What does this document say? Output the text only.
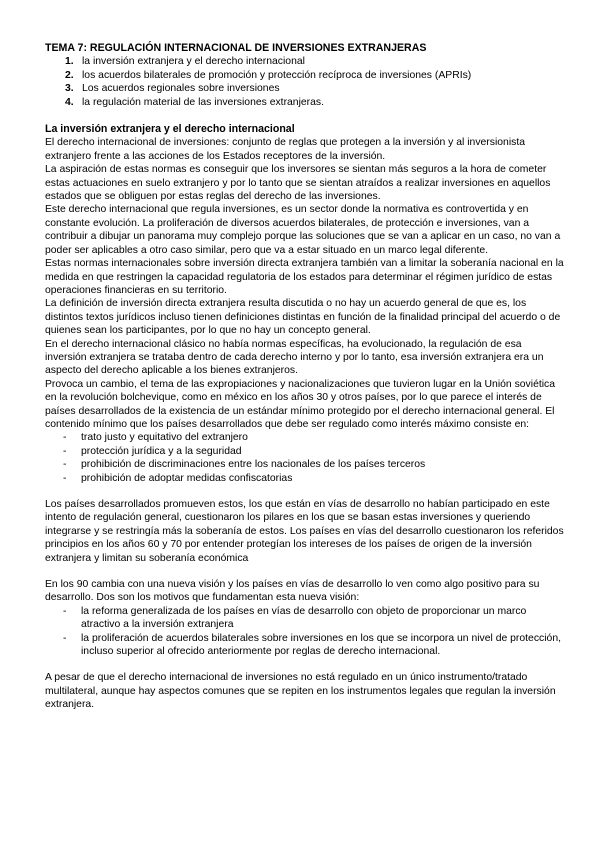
TEMA 7: REGULACIÓN INTERNACIONAL DE INVERSIONES EXTRANJERAS

1. la inversión extranjera y el derecho internacional
2. los acuerdos bilaterales de promoción y protección recíproca de inversiones (APRIs)
3. Los acuerdos regionales sobre inversiones
4. la regulación material de las inversiones extranjeras.
La inversión extranjera y el derecho internacional

El derecho internacional de inversiones: conjunto de reglas que protegen a la inversión y al inversionista extranjero frente a las acciones de los Estados receptores de la inversión.

La aspiración de estas normas es conseguir que los inversores se sientan más seguros a la hora de cometer estas actuaciones en suelo extranjero y por lo tanto que se sientan atraídos a realizar inversiones en aquellos estados que se obliguen por estas reglas del derecho de las inversiones.

Este derecho internacional que regula inversiones, es un sector donde la normativa es controvertida y en constante evolución. La proliferación de diversos acuerdos bilaterales, de protección e inversiones, van a contribuir a dibujar un panorama muy complejo porque las soluciones que se van a aplicar en un caso, no van a poder ser aplicables a otro caso similar, pero que va a estar situado en un marco legal diferente.

Estas normas internacionales sobre inversión directa extranjera también van a limitar la soberanía nacional en la medida en que restringen la capacidad regulatoria de los estados para determinar el régimen jurídico de estas operaciones financieras en su territorio.

La definición de inversión directa extranjera resulta discutida o no hay un acuerdo general de que es, los distintos textos jurídicos incluso tienen definiciones distintas en función de la finalidad principal del acuerdo o de quienes sean los participantes, por lo que no hay un concepto general.

En el derecho internacional clásico no había normas específicas, ha evolucionado, la regulación de esa inversión extranjera se trataba dentro de cada derecho interno y por lo tanto, esa inversión extranjera era un aspecto del derecho aplicable a los bienes extranjeros.

Provoca un cambio, el tema de las expropiaciones y nacionalizaciones que tuvieron lugar en la Unión soviética en la revolución bolchevique, como en méxico en los años 30 y otros países, por lo que parece el interés de países desarrollados de la existencia de un estándar mínimo protegido por el derecho internacional general. El contenido mínimo que los países desarrollados que debe ser regulado como interés máximo consiste en:

- trato justo y equitativo del extranjero
- protección jurídica y a la seguridad
- prohibición de discriminaciones entre los nacionales de los países terceros
- prohibición de adoptar medidas confiscatorias

Los países desarrollados promueven estos, los que están en vías de desarrollo no habían participado en este intento de regulación general, cuestionaron los pilares en los que se basan estas inversiones y queriendo integrarse y se restringía más la soberanía de estos. Los países en vías del desarrollo cuestionaron los referidos principios en los años 60 y 70 por entender protegían los intereses de los países de origen de la inversión extranjera y limitan su soberanía económica

En los 90 cambia con una nueva visión y los países en vías de desarrollo lo ven como algo positivo para su desarrollo. Dos son los motivos que fundamentan esta nueva visión:

- la reforma generalizada de los países en vías de desarrollo con objeto de proporcionar un marco atractivo a la inversión extranjera
- la proliferación de acuerdos bilaterales sobre inversiones en los que se incorpora un nivel de protección, incluso superior al ofrecido anteriormente por reglas de derecho internacional.

A pesar de que el derecho internacional de inversiones no está regulado en un único instrumento/tratado multilateral, aunque hay aspectos comunes que se repiten en los instrumentos legales que regulan la inversión extranjera.
